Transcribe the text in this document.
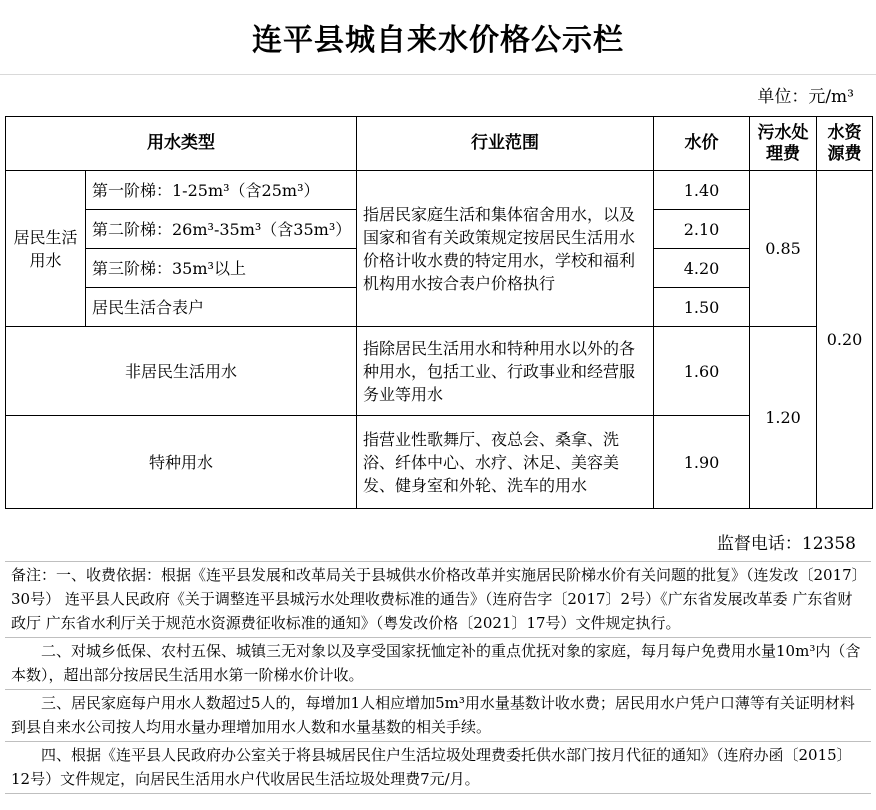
连平县城自来水价格公示栏
单位：元/m³
用水类型		行业范围	水价	污水处理费	水资源费
居民生活用水	第一阶梯：1-25m³（含25m³）	指居民家庭生活和集体宿舍用水，以及国家和省有关政策规定按居民生活用水价格计收水费的特定用水，学校和福利机构用水按合表户价格执行	1.40	0.85	0.20
	第二阶梯：26m³-35m³（含35m³）		2.10		
	第三阶梯：35m³以上		4.20		
	居民生活合表户		1.50		
非居民生活用水		指除居民生活用水和特种用水以外的各种用水，包括工业、行政事业和经营服务业等用水	1.60	1.20	
特种用水		指营业性歌舞厅、夜总会、桑拿、洗浴、纤体中心、水疗、沐足、美容美发、健身室和外轮、洗车的用水	1.90		
监督电话：12358
备注：一、收费依据：根据《连平县发展和改革局关于县城供水价格改革并实施居民阶梯水价有关问题的批复》（连发改〔2017〕30号） 连平县人民政府《关于调整连平县城污水处理收费标准的通告》（连府告字〔2017〕2号）《广东省发展改革委 广东省财政厅 广东省水利厅关于规范水资源费征收标准的通知》（粤发改价格〔2021〕17号）文件规定执行。
二、对城乡低保、农村五保、城镇三无对象以及享受国家抚恤定补的重点优抚对象的家庭，每月每户免费用水量10m³内（含本数），超出部分按居民生活用水第一阶梯水价计收。
三、居民家庭每户用水人数超过5人的，每增加1人相应增加5m³用水量基数计收水费；居民用水户凭户口薄等有关证明材料到县自来水公司按人均用水量办理增加用水人数和水量基数的相关手续。
四、根据《连平县人民政府办公室关于将县城居民住户生活垃圾处理费委托供水部门按月代征的通知》（连府办函〔2015〕12号）文件规定，向居民生活用水户代收居民生活垃圾处理费7元/月。
